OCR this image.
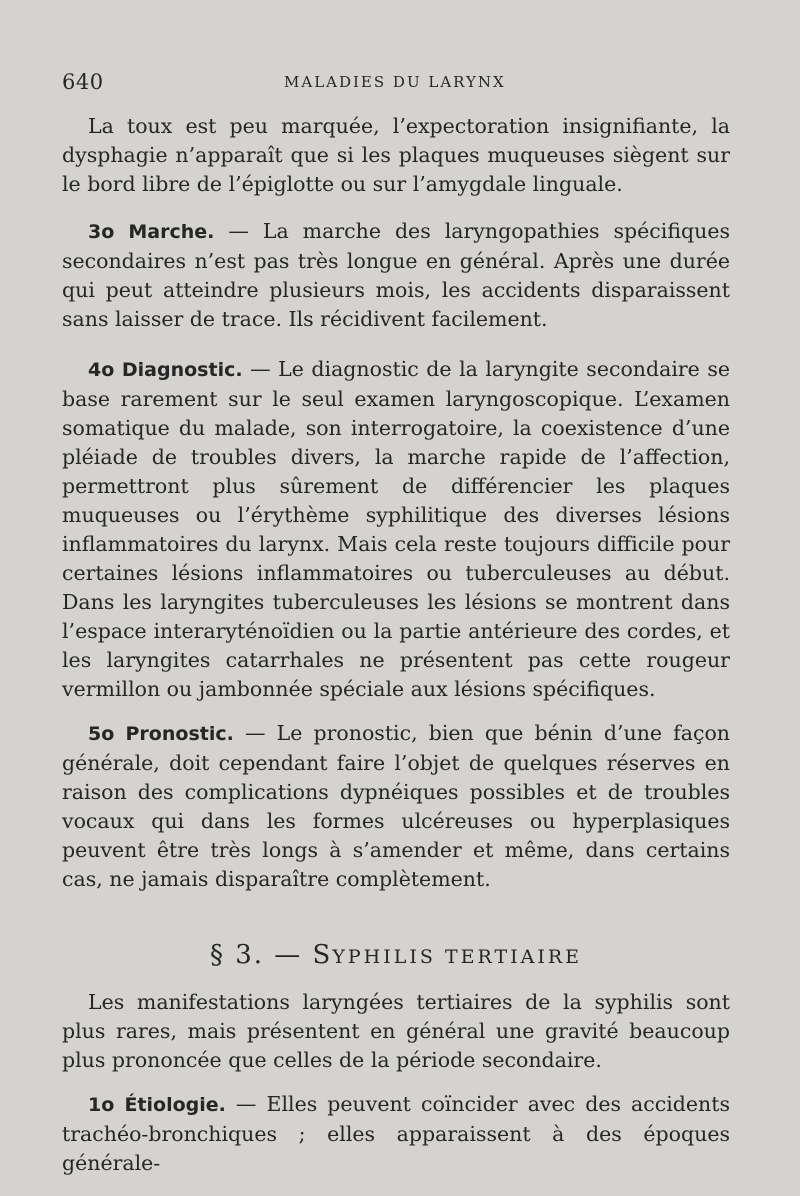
640	MALADIES DU LARYNX

La toux est peu marquée, l’expectoration insignifiante, la dysphagie n’apparaît que si les plaques muqueuses siègent sur le bord libre de l’épiglotte ou sur l’amygdale linguale.

3o Marche. — La marche des laryngopathies spécifiques secondaires n’est pas très longue en général. Après une durée qui peut atteindre plusieurs mois, les accidents disparaissent sans laisser de trace. Ils récidivent facilement.

4o Diagnostic. — Le diagnostic de la laryngite secondaire se base rarement sur le seul examen laryngoscopique. L’examen somatique du malade, son interrogatoire, la coexistence d’une pléiade de troubles divers, la marche rapide de l’affection, permettront plus sûrement de différencier les plaques muqueuses ou l’érythème syphilitique des diverses lésions inflammatoires du larynx. Mais cela reste toujours difficile pour certaines lésions inflammatoires ou tuberculeuses au début. Dans les laryngites tuberculeuses les lésions se montrent dans l’espace interaryténoïdien ou la partie antérieure des cordes, et les laryngites catarrhales ne présentent pas cette rougeur vermillon ou jambonnée spéciale aux lésions spécifiques.

5o Pronostic. — Le pronostic, bien que bénin d’une façon générale, doit cependant faire l’objet de quelques réserves en raison des complications dypnéiques possibles et de troubles vocaux qui dans les formes ulcéreuses ou hyperplasiques peuvent être très longs à s’amender et même, dans certains cas, ne jamais disparaître complètement.

§ 3. — SYPHILIS TERTIAIRE

Les manifestations laryngées tertiaires de la syphilis sont plus rares, mais présentent en général une gravité beaucoup plus prononcée que celles de la période secondaire.

1o Étiologie. — Elles peuvent coïncider avec des accidents trachéo-bronchiques ; elles apparaissent à des époques générale-
